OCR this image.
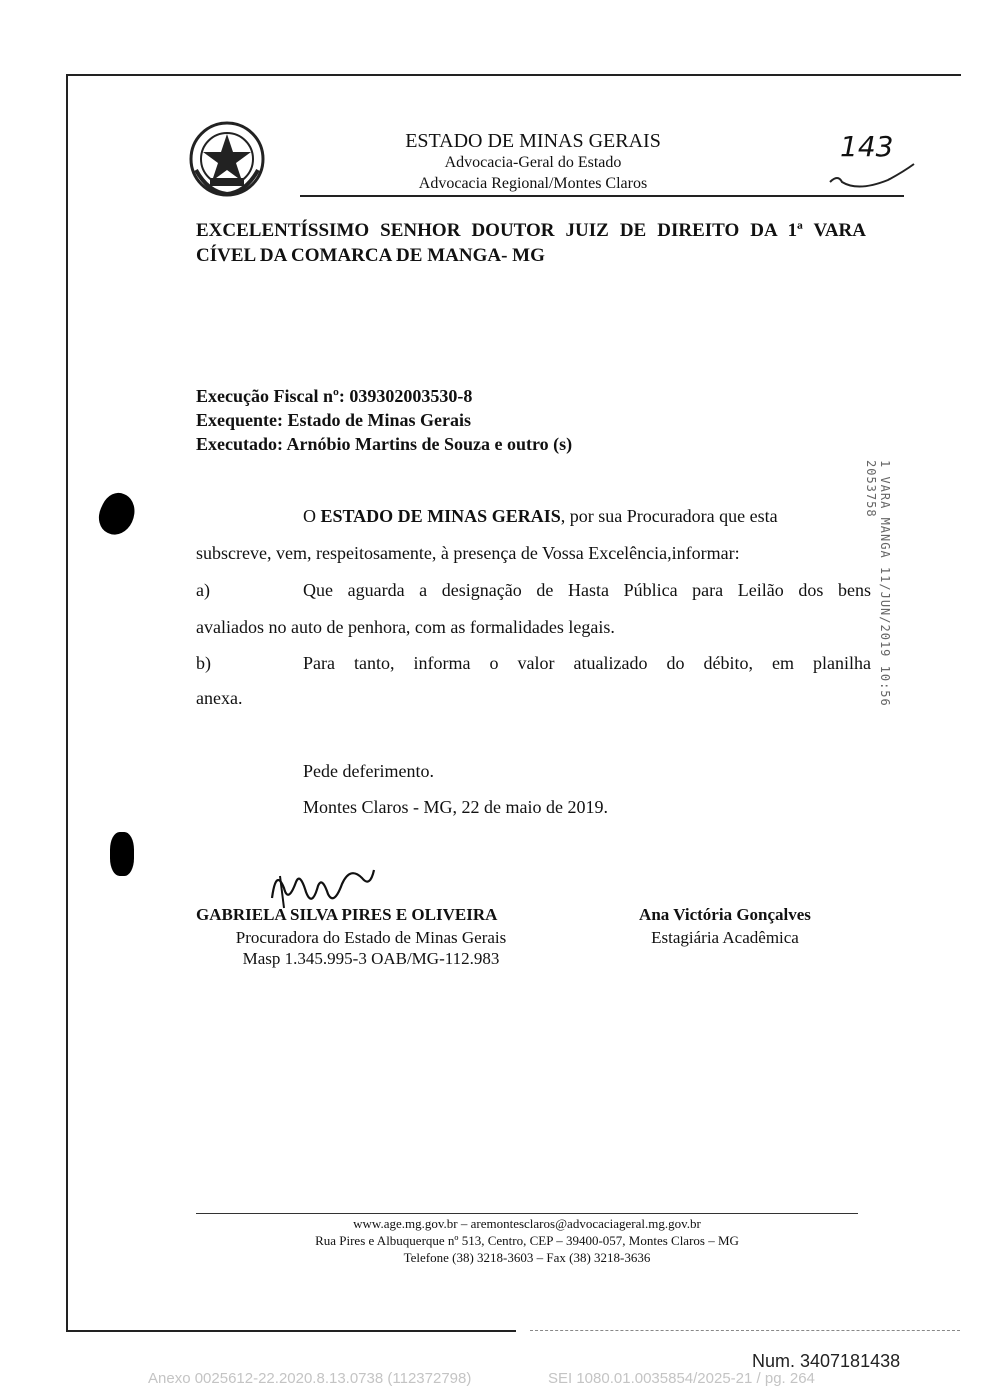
ESTADO DE MINAS GERAIS
Advocacia-Geral do Estado
Advocacia Regional/Montes Claros
143
EXCELENTÍSSIMO SENHOR DOUTOR JUIZ DE DIREITO DA 1ª VARA CÍVEL DA COMARCA DE MANGA- MG
Execução Fiscal nº: 039302003530-8
Exequente: Estado de Minas Gerais
Executado: Arnóbio Martins de Souza e outro (s)
O ESTADO DE MINAS GERAIS, por sua Procuradora que esta
subscreve, vem, respeitosamente, à presença de Vossa Excelência,informar:
a)	Que aguarda a designação de Hasta Pública para Leilão dos bens
avaliados no auto de penhora, com as formalidades legais.
b)	Para tanto, informa o valor atualizado do débito, em planilha
anexa.
Pede deferimento.
Montes Claros - MG, 22 de maio de 2019.
1 VARA MANGA 11/JUN/2019 10:56 2053758
GABRIELA SILVA PIRES E OLIVEIRA
Procuradora do Estado de Minas Gerais
Masp 1.345.995-3 OAB/MG-112.983
Ana Victória Gonçalves
Estagiária Acadêmica
www.age.mg.gov.br – aremontesclaros@advocaciageral.mg.gov.br
Rua Pires e Albuquerque nº 513, Centro, CEP – 39400-057, Montes Claros – MG
Telefone (38) 3218-3603 – Fax (38) 3218-3636
Num. 3407181438
Anexo 0025612-22.2020.8.13.0738 (112372798)	SEI 1080.01.0035854/2025-21 / pg. 264
